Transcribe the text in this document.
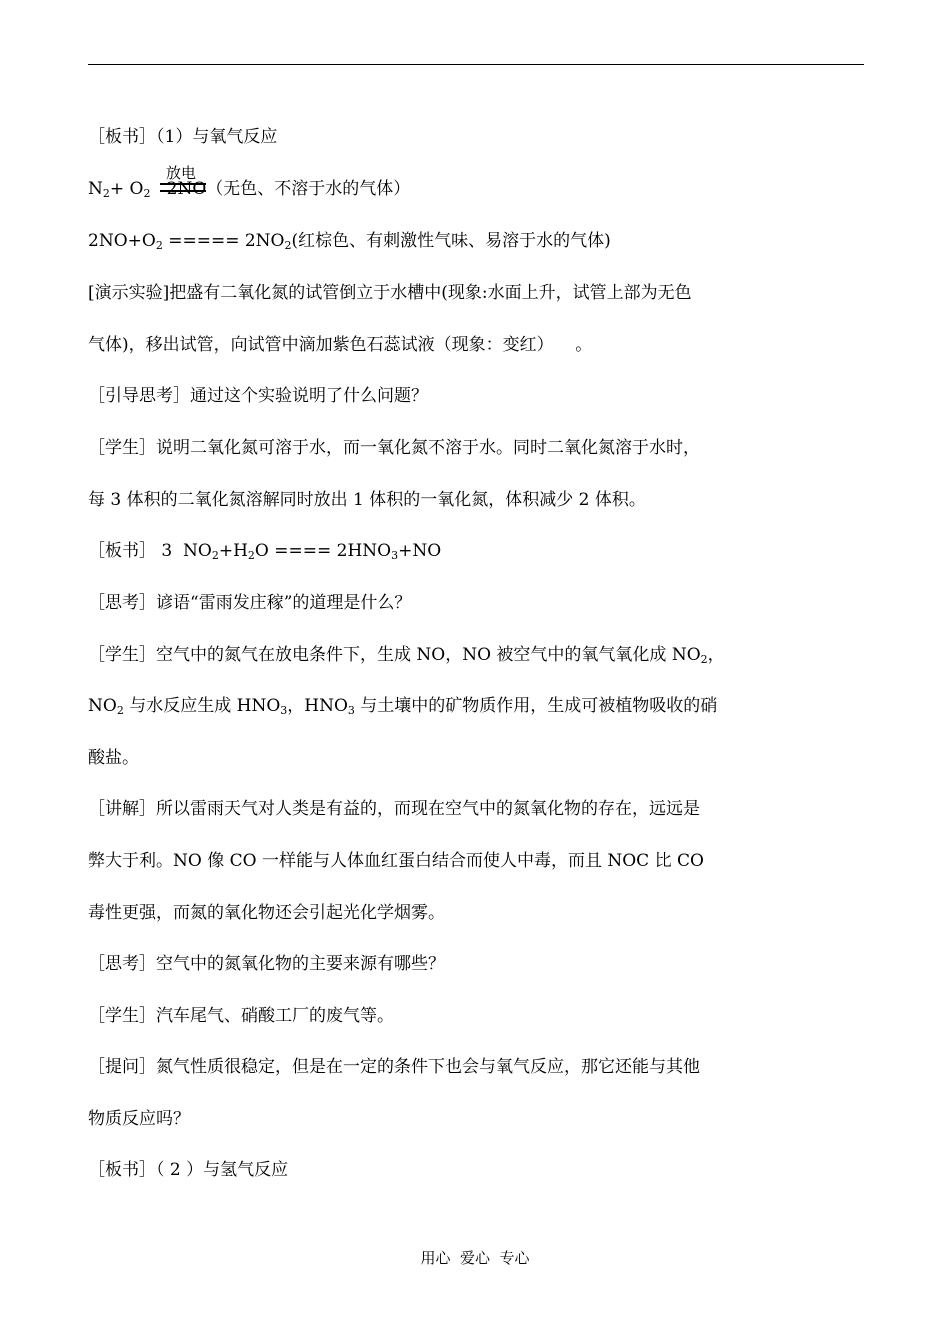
［板书］（1）与氧气反应
放电
$N_2+ O_2$   2NO（无色、不溶于水的气体）
$2NO+O_2$ ===== $2NO_2$(红棕色、有刺激性气味、易溶于水的气体)
[演示实验]把盛有二氧化氮的试管倒立于水槽中(现象:水面上升，试管上部为无色
气体)，移出试管，向试管中滴加紫色石蕊试液（现象：变红）    。
［引导思考］通过这个实验说明了什么问题？
［学生］说明二氧化氮可溶于水，而一氧化氮不溶于水。同时二氧化氮溶于水时，
每 3 体积的二氧化氮溶解同时放出 1 体积的一氧化氮，体积减少 2 体积。
［板书］ 3  $NO_2+H_2O$ ==== $2HNO_3+NO$
［思考］谚语“雷雨发庄稼”的道理是什么？
［学生］空气中的氮气在放电条件下，生成 NO，NO 被空气中的氧气氧化成 $NO_2$，
$NO_2$ 与水反应生成 $HNO_3$，$HNO_3$ 与土壤中的矿物质作用，生成可被植物吸收的硝
酸盐。
［讲解］所以雷雨天气对人类是有益的，而现在空气中的氮氧化物的存在，远远是
弊大于利。NO 像 CO 一样能与人体血红蛋白结合而使人中毒，而且 NOC 比 CO
毒性更强，而氮的氧化物还会引起光化学烟雾。
［思考］空气中的氮氧化物的主要来源有哪些？
［学生］汽车尾气、硝酸工厂的废气等。
［提问］氮气性质很稳定，但是在一定的条件下也会与氧气反应，那它还能与其他
物质反应吗？
［板书］（ 2 ）与氢气反应
用心  爱心  专心
